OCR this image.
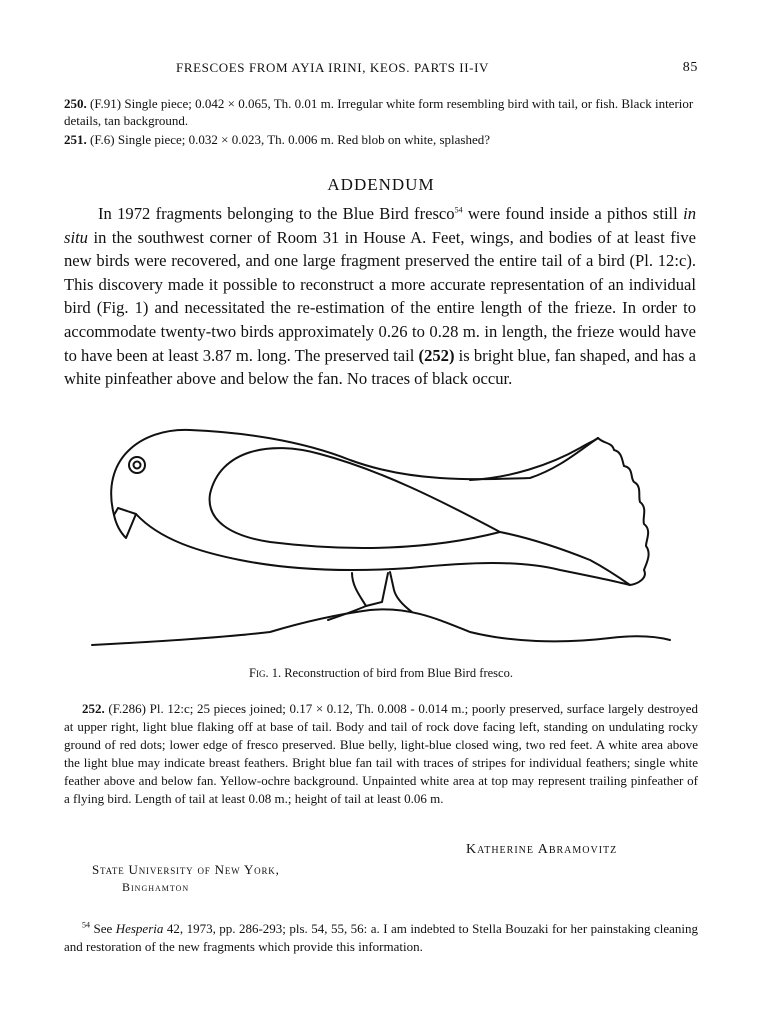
FRESCOES FROM AYIA IRINI, KEOS. PARTS II-IV	85
250. (F.91) Single piece; 0.042 × 0.065, Th. 0.01 m. Irregular white form resembling bird with tail, or fish. Black interior details, tan background.
251. (F.6) Single piece; 0.032 × 0.023, Th. 0.006 m. Red blob on white, splashed?
ADDENDUM

In 1972 fragments belonging to the Blue Bird fresco$^{54}$ were found inside a pithos still in situ in the southwest corner of Room 31 in House A. Feet, wings, and bodies of at least five new birds were recovered, and one large fragment preserved the entire tail of a bird (Pl. 12:c). This discovery made it possible to reconstruct a more accurate representation of an individual bird (Fig. 1) and necessitated the re-estimation of the entire length of the frieze. In order to accommodate twenty-two birds approximately 0.26 to 0.28 m. in length, the frieze would have to have been at least 3.87 m. long. The preserved tail (252) is bright blue, fan shaped, and has a white pinfeather above and below the fan. No traces of black occur.

Fig. 1. Reconstruction of bird from Blue Bird fresco.

252. (F.286) Pl. 12:c; 25 pieces joined; 0.17 × 0.12, Th. 0.008 - 0.014 m.; poorly preserved, surface largely destroyed at upper right, light blue flaking off at base of tail. Body and tail of rock dove facing left, standing on undulating rocky ground of red dots; lower edge of fresco preserved. Blue belly, light-blue closed wing, two red feet. A white area above the light blue may indicate breast feathers. Bright blue fan tail with traces of stripes for individual feathers; single white feather above and below fan. Yellow-ochre background. Unpainted white area at top may represent trailing pinfeather of a flying bird. Length of tail at least 0.08 m.; height of tail at least 0.06 m.

Katherine Abramovitz
State University of New York,
Binghamton

$^{54}$ See Hesperia 42, 1973, pp. 286-293; pls. 54, 55, 56: a. I am indebted to Stella Bouzaki for her painstaking cleaning and restoration of the new fragments which provide this information.
